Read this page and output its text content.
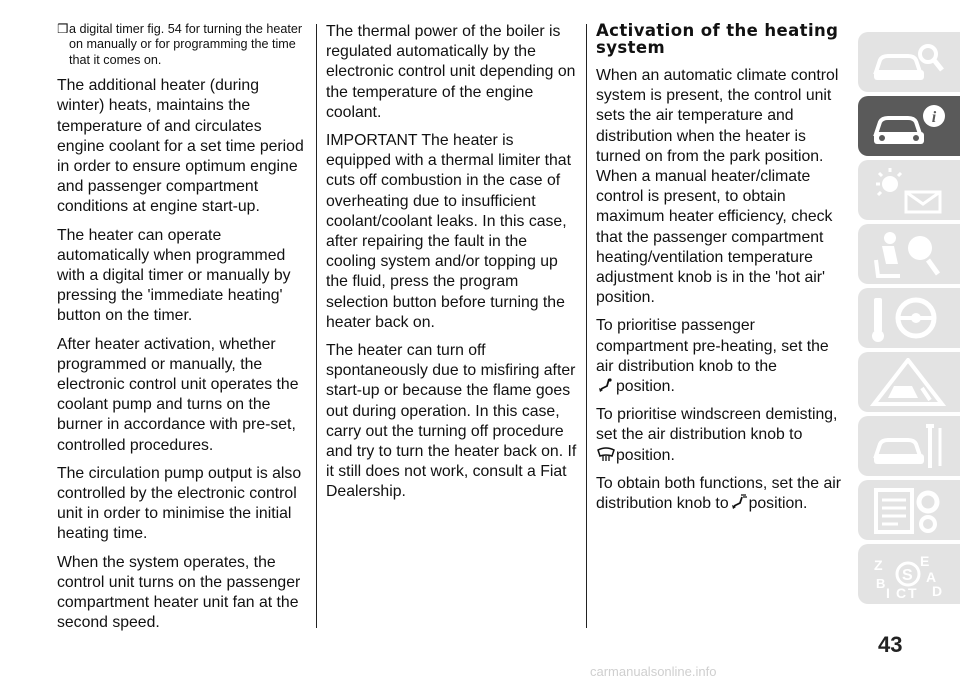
❒ a digital timer fig. 54 for turning the heater on manually or for programming the time that it comes on.

The additional heater (during winter) heats, maintains the temperature of and circulates engine coolant for a set time period in order to ensure optimum engine and passenger compartment conditions at engine start-up.

The heater can operate automatically when programmed with a digital timer or manually by pressing the 'immediate heating' button on the timer.

After heater activation, whether programmed or manually, the electronic control unit operates the coolant pump and turns on the burner in accordance with pre-set, controlled procedures.

The circulation pump output is also controlled by the electronic control unit in order to minimise the initial heating time.

When the system operates, the control unit turns on the passenger compartment heater unit fan at the second speed.

The thermal power of the boiler is regulated automatically by the electronic control unit depending on the temperature of the engine coolant.

IMPORTANT The heater is equipped with a thermal limiter that cuts off combustion in the case of overheating due to insufficient coolant/coolant leaks. In this case, after repairing the fault in the cooling system and/or topping up the fluid, press the program selection button before turning the heater back on.

The heater can turn off spontaneously due to misfiring after start-up or because the flame goes out during operation. In this case, carry out the turning off procedure and try to turn the heater back on. If it still does not work, consult a Fiat Dealership.

Activation of the heating system

When an automatic climate control system is present, the control unit sets the air temperature and distribution when the heater is turned on from the park position. When a manual heater/climate control is present, to obtain maximum heater efficiency, check that the passenger compartment heating/ventilation temperature adjustment knob is in the 'hot air' position.

To prioritise passenger compartment pre-heating, set the air distribution knob to the
position.

To prioritise windscreen demisting, set the air distribution knob to
position.

To obtain both functions, set the air distribution knob to position.

i
Z	E
A
B
I C T D
S
43
carmanualsonline.info
